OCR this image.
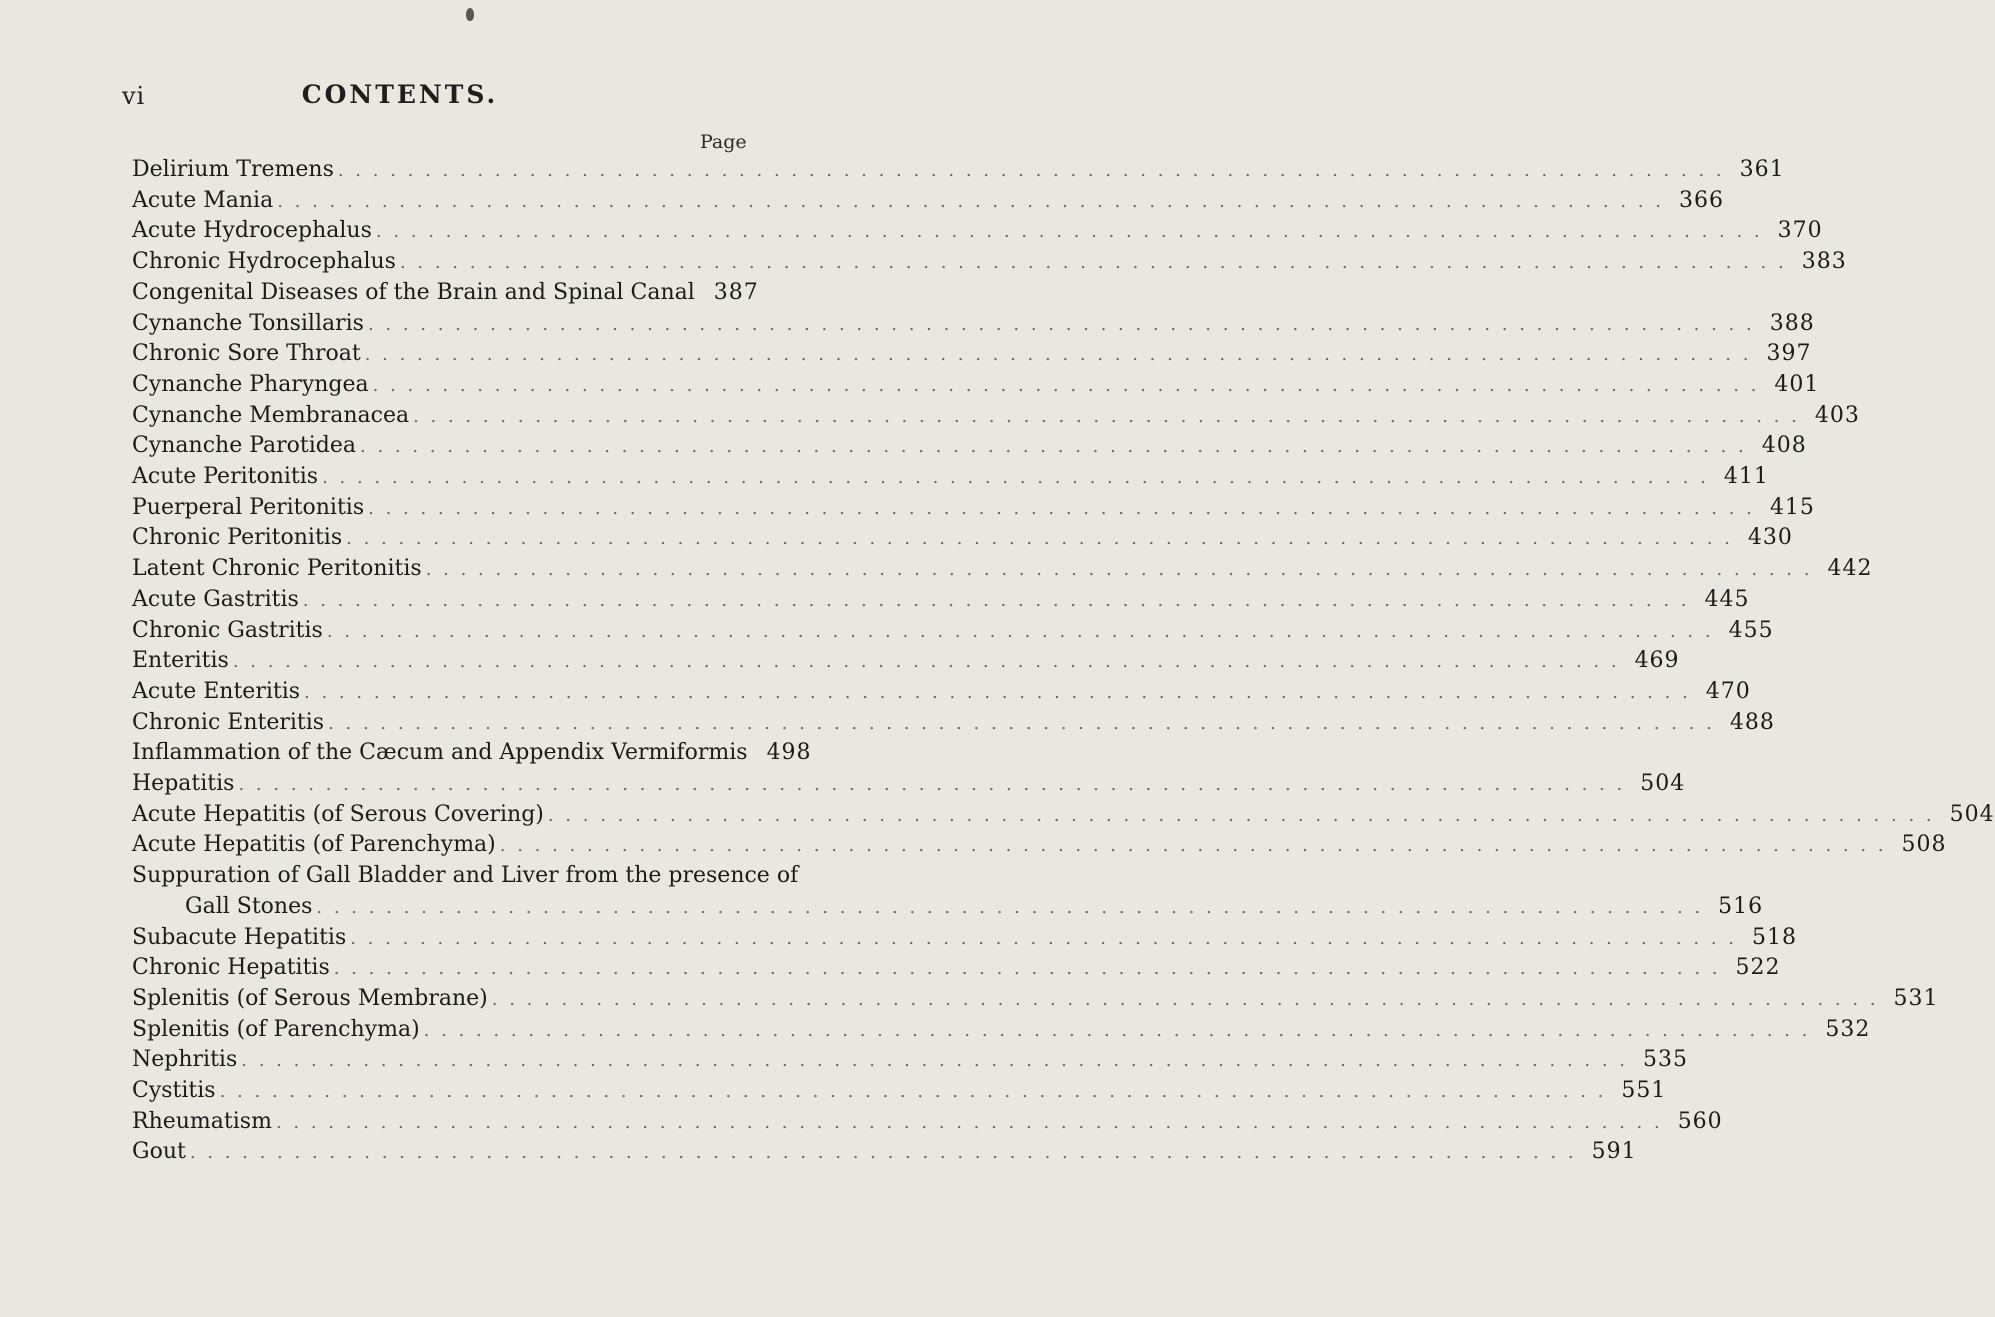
CONTENTS.
vi
Page
Delirium Tremens . . . . . . . . . . . . . . . . . . . . . . . . . . . . . . . . . . . . . . . . . . . . . . . . . . . . . . . . . . . . . . . . . . . . . . . . . . . . . . . . 361
Acute Mania . . . . . . . . . . . . . . . . . . . . . . . . . . . . . . . . . . . . . . . . . . . . . . . . . . . . . . . . . . . . . . . . . . . . . . . . . . . . . . . . 366
Acute Hydrocephalus . . . . . . . . . . . . . . . . . . . . . . . . . . . . . . . . . . . . . . . . . . . . . . . . . . . . . . . . . . . . . . . . . . . . . . . . . . . . . . . . 370
Chronic Hydrocephalus . . . . . . . . . . . . . . . . . . . . . . . . . . . . . . . . . . . . . . . . . . . . . . . . . . . . . . . . . . . . . . . . . . . . . . . . . . . . . . . . 383
Congenital Diseases of the Brain and Spinal Canal 387
Cynanche Tonsillaris . . . . . . . . . . . . . . . . . . . . . . . . . . . . . . . . . . . . . . . . . . . . . . . . . . . . . . . . . . . . . . . . . . . . . . . . . . . . . . . . 388
Chronic Sore Throat . . . . . . . . . . . . . . . . . . . . . . . . . . . . . . . . . . . . . . . . . . . . . . . . . . . . . . . . . . . . . . . . . . . . . . . . . . . . . . . . 397
Cynanche Pharyngea . . . . . . . . . . . . . . . . . . . . . . . . . . . . . . . . . . . . . . . . . . . . . . . . . . . . . . . . . . . . . . . . . . . . . . . . . . . . . . . . 401
Cynanche Membranacea . . . . . . . . . . . . . . . . . . . . . . . . . . . . . . . . . . . . . . . . . . . . . . . . . . . . . . . . . . . . . . . . . . . . . . . . . . . . . . . . 403
Cynanche Parotidea . . . . . . . . . . . . . . . . . . . . . . . . . . . . . . . . . . . . . . . . . . . . . . . . . . . . . . . . . . . . . . . . . . . . . . . . . . . . . . . . 408
Acute Peritonitis . . . . . . . . . . . . . . . . . . . . . . . . . . . . . . . . . . . . . . . . . . . . . . . . . . . . . . . . . . . . . . . . . . . . . . . . . . . . . . . . 411
Puerperal Peritonitis . . . . . . . . . . . . . . . . . . . . . . . . . . . . . . . . . . . . . . . . . . . . . . . . . . . . . . . . . . . . . . . . . . . . . . . . . . . . . . . . 415
Chronic Peritonitis . . . . . . . . . . . . . . . . . . . . . . . . . . . . . . . . . . . . . . . . . . . . . . . . . . . . . . . . . . . . . . . . . . . . . . . . . . . . . . . . 430
Latent Chronic Peritonitis . . . . . . . . . . . . . . . . . . . . . . . . . . . . . . . . . . . . . . . . . . . . . . . . . . . . . . . . . . . . . . . . . . . . . . . . . . . . . . . . 442
Acute Gastritis . . . . . . . . . . . . . . . . . . . . . . . . . . . . . . . . . . . . . . . . . . . . . . . . . . . . . . . . . . . . . . . . . . . . . . . . . . . . . . . . 445
Chronic Gastritis . . . . . . . . . . . . . . . . . . . . . . . . . . . . . . . . . . . . . . . . . . . . . . . . . . . . . . . . . . . . . . . . . . . . . . . . . . . . . . . . 455
Enteritis . . . . . . . . . . . . . . . . . . . . . . . . . . . . . . . . . . . . . . . . . . . . . . . . . . . . . . . . . . . . . . . . . . . . . . . . . . . . . . . . 469
Acute Enteritis . . . . . . . . . . . . . . . . . . . . . . . . . . . . . . . . . . . . . . . . . . . . . . . . . . . . . . . . . . . . . . . . . . . . . . . . . . . . . . . . 470
Chronic Enteritis . . . . . . . . . . . . . . . . . . . . . . . . . . . . . . . . . . . . . . . . . . . . . . . . . . . . . . . . . . . . . . . . . . . . . . . . . . . . . . . . 488
Inflammation of the Cæcum and Appendix Vermiformis 498
Hepatitis . . . . . . . . . . . . . . . . . . . . . . . . . . . . . . . . . . . . . . . . . . . . . . . . . . . . . . . . . . . . . . . . . . . . . . . . . . . . . . . . 504
Acute Hepatitis (of Serous Covering) . . . . . . . . . . . . . . . . . . . . . . . . . . . . . . . . . . . . . . . . . . . . . . . . . . . . . . . . . . . . . . . . . . . . . . . . . . . . . . . . 504
Acute Hepatitis (of Parenchyma) . . . . . . . . . . . . . . . . . . . . . . . . . . . . . . . . . . . . . . . . . . . . . . . . . . . . . . . . . . . . . . . . . . . . . . . . . . . . . . . . 508
Suppuration of Gall Bladder and Liver from the presence of
Gall Stones . . . . . . . . . . . . . . . . . . . . . . . . . . . . . . . . . . . . . . . . . . . . . . . . . . . . . . . . . . . . . . . . . . . . . . . . . . . . . . . . 516
Subacute Hepatitis . . . . . . . . . . . . . . . . . . . . . . . . . . . . . . . . . . . . . . . . . . . . . . . . . . . . . . . . . . . . . . . . . . . . . . . . . . . . . . . . 518
Chronic Hepatitis . . . . . . . . . . . . . . . . . . . . . . . . . . . . . . . . . . . . . . . . . . . . . . . . . . . . . . . . . . . . . . . . . . . . . . . . . . . . . . . . 522
Splenitis (of Serous Membrane) . . . . . . . . . . . . . . . . . . . . . . . . . . . . . . . . . . . . . . . . . . . . . . . . . . . . . . . . . . . . . . . . . . . . . . . . . . . . . . . . 531
Splenitis (of Parenchyma) . . . . . . . . . . . . . . . . . . . . . . . . . . . . . . . . . . . . . . . . . . . . . . . . . . . . . . . . . . . . . . . . . . . . . . . . . . . . . . . . 532
Nephritis . . . . . . . . . . . . . . . . . . . . . . . . . . . . . . . . . . . . . . . . . . . . . . . . . . . . . . . . . . . . . . . . . . . . . . . . . . . . . . . . 535
Cystitis . . . . . . . . . . . . . . . . . . . . . . . . . . . . . . . . . . . . . . . . . . . . . . . . . . . . . . . . . . . . . . . . . . . . . . . . . . . . . . . . 551
Rheumatism . . . . . . . . . . . . . . . . . . . . . . . . . . . . . . . . . . . . . . . . . . . . . . . . . . . . . . . . . . . . . . . . . . . . . . . . . . . . . . . . 560
Gout . . . . . . . . . . . . . . . . . . . . . . . . . . . . . . . . . . . . . . . . . . . . . . . . . . . . . . . . . . . . . . . . . . . . . . . . . . . . . . . . 591
